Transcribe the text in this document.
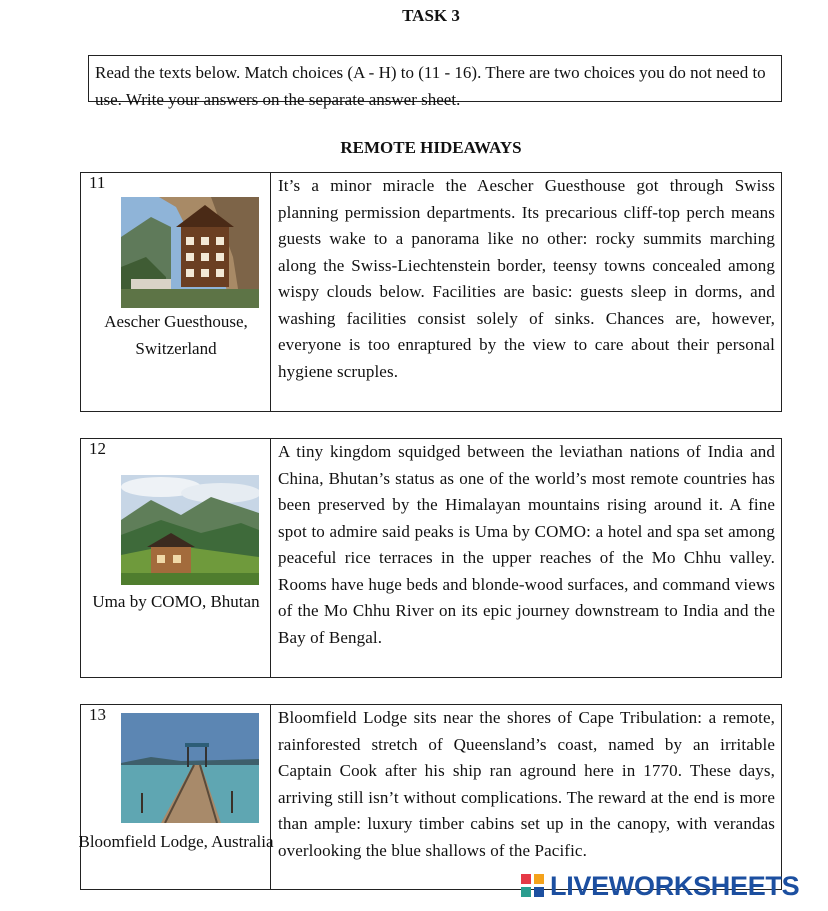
TASK 3
Read the texts below. Match choices (A - H) to (11 - 16). There are two choices you do not need to use. Write your answers on the separate answer sheet.
REMOTE HIDEAWAYS
11
Aescher Guesthouse, Switzerland
It’s a minor miracle the Aescher Guesthouse got through Swiss planning permission departments. Its precarious cliff-top perch means guests wake to a panorama like no other: rocky summits marching along the Swiss-Liechtenstein border, teensy towns concealed among wispy clouds below. Facilities are basic: guests sleep in dorms, and washing facilities consist solely of sinks. Chances are, however, everyone is too enraptured by the view to care about their personal hygiene scruples.
12
Uma by COMO, Bhutan
A tiny kingdom squidged between the leviathan nations of India and China, Bhutan’s status as one of the world’s most remote countries has been preserved by the Himalayan mountains rising around it. A fine spot to admire said peaks is Uma by COMO: a hotel and spa set among peaceful rice terraces in the upper reaches of the Mo Chhu valley. Rooms have huge beds and blonde-wood surfaces, and command views of the Mo Chhu River on its epic journey downstream to India and the Bay of Bengal.
13
Bloomfield Lodge, Australia
Bloomfield Lodge sits near the shores of Cape Tribulation: a remote, rainforested stretch of Queensland’s coast, named by an irritable Captain Cook after his ship ran aground here in 1770. These days, arriving still isn’t without complications. The reward at the end is more than ample: luxury timber cabins set up in the canopy, with verandas overlooking the blue shallows of the Pacific.
LIVEWORKSHEETS
